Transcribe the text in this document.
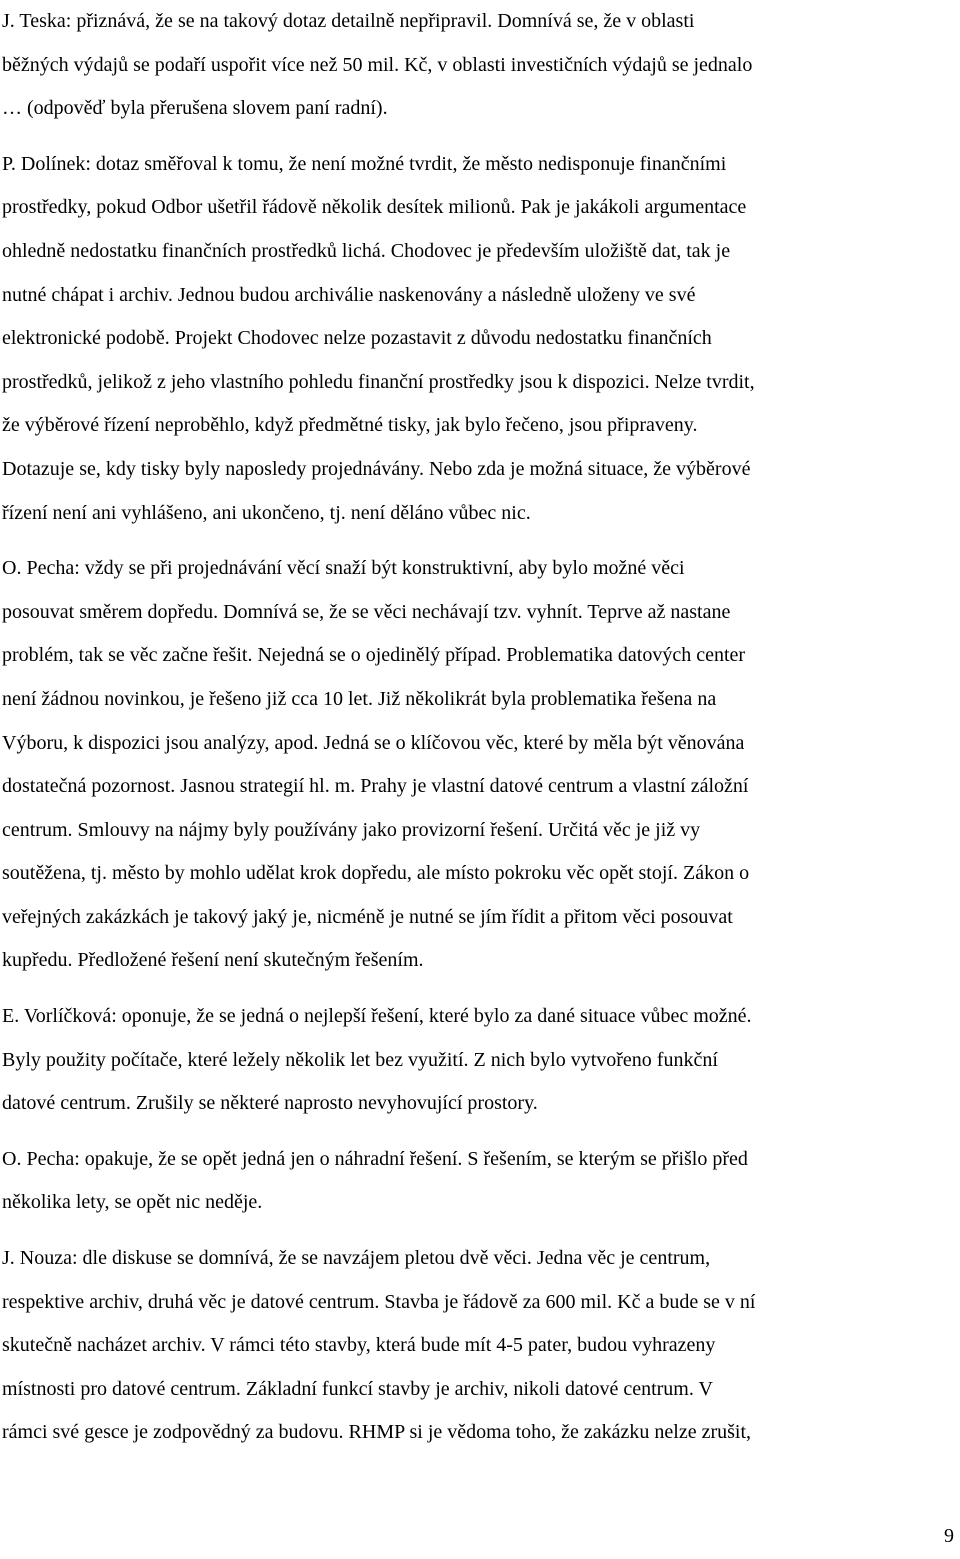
J. Teska: přiznává, že se na takový dotaz detailně nepřipravil. Domnívá se, že v oblasti
běžných výdajů se podaří uspořit více než 50 mil. Kč, v oblasti investičních výdajů se jednalo
… (odpověď byla přerušena slovem paní radní).

P. Dolínek: dotaz směřoval k tomu, že není možné tvrdit, že město nedisponuje finančními
prostředky, pokud Odbor ušetřil řádově několik desítek milionů. Pak je jakákoli argumentace
ohledně nedostatku finančních prostředků lichá. Chodovec je především uložiště dat, tak je
nutné chápat i archiv. Jednou budou archiválie naskenovány a následně uloženy ve své
elektronické podobě. Projekt Chodovec nelze pozastavit z důvodu nedostatku finančních
prostředků, jelikož z jeho vlastního pohledu finanční prostředky jsou k dispozici. Nelze tvrdit,
že výběrové řízení neproběhlo, když předmětné tisky, jak bylo řečeno, jsou připraveny.
Dotazuje se, kdy tisky byly naposledy projednávány. Nebo zda je možná situace, že výběrové
řízení není ani vyhlášeno, ani ukončeno, tj. není děláno vůbec nic.

O. Pecha: vždy se při projednávání věcí snaží být konstruktivní, aby bylo možné věci
posouvat směrem dopředu. Domnívá se, že se věci nechávají tzv. vyhnít. Teprve až nastane
problém, tak se věc začne řešit. Nejedná se o ojedinělý případ. Problematika datových center
není žádnou novinkou, je řešeno již cca 10 let. Již několikrát byla problematika řešena na
Výboru, k dispozici jsou analýzy, apod. Jedná se o klíčovou věc, které by měla být věnována
dostatečná pozornost. Jasnou strategií hl. m. Prahy je vlastní datové centrum a vlastní záložní
centrum. Smlouvy na nájmy byly používány jako provizorní řešení. Určitá věc je již vy
soutěžena, tj. město by mohlo udělat krok dopředu, ale místo pokroku věc opět stojí. Zákon o
veřejných zakázkách je takový jaký je, nicméně je nutné se jím řídit a přitom věci posouvat
kupředu. Předložené řešení není skutečným řešením.

E. Vorlíčková: oponuje, že se jedná o nejlepší řešení, které bylo za dané situace vůbec možné.
Byly použity počítače, které ležely několik let bez využití. Z nich bylo vytvořeno funkční
datové centrum. Zrušily se některé naprosto nevyhovující prostory.

O. Pecha: opakuje, že se opět jedná jen o náhradní řešení. S řešením, se kterým se přišlo před
několika lety, se opět nic neděje.

J. Nouza: dle diskuse se domnívá, že se navzájem pletou dvě věci. Jedna věc je centrum,
respektive archiv, druhá věc je datové centrum. Stavba je řádově za 600 mil. Kč a bude se v ní
skutečně nacházet archiv. V rámci této stavby, která bude mít 4-5 pater, budou vyhrazeny
místnosti pro datové centrum. Základní funkcí stavby je archiv, nikoli datové centrum. V
rámci své gesce je zodpovědný za budovu. RHMP si je vědoma toho, že zakázku nelze zrušit,

9
